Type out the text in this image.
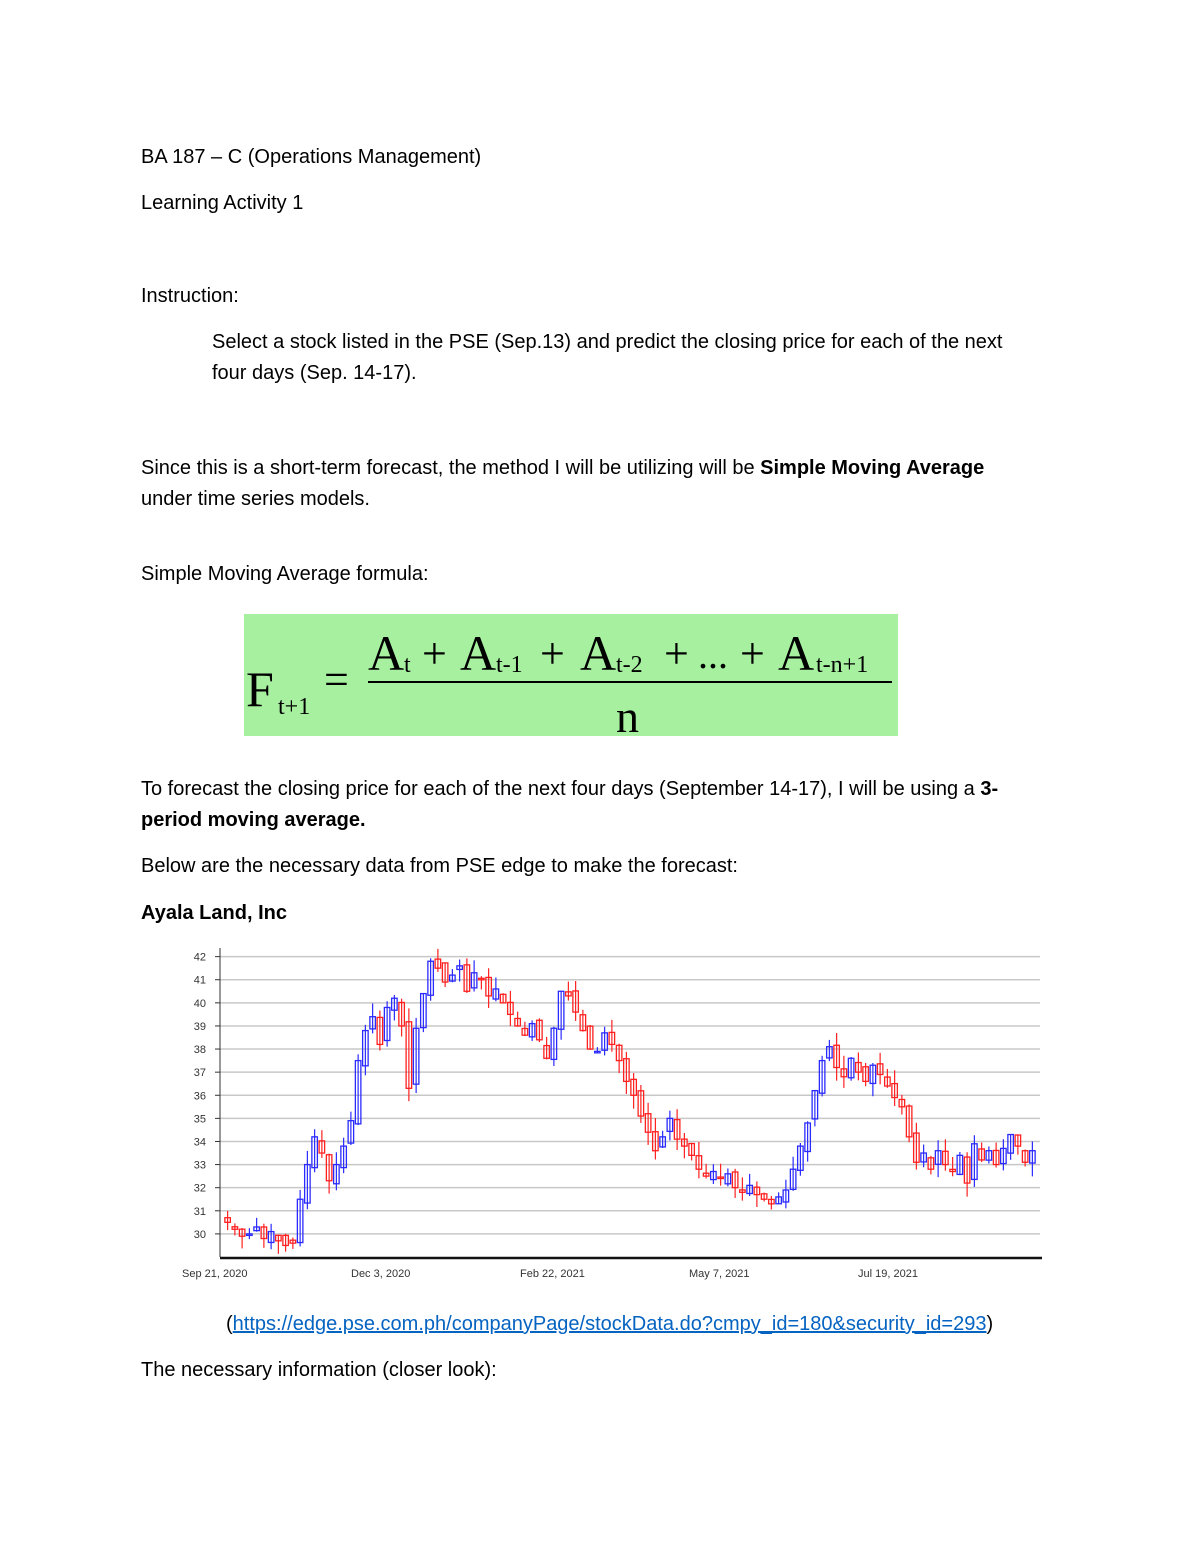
BA 187 – C (Operations Management)

Learning Activity 1

Instruction:

Select a stock listed in the PSE (Sep.13) and predict the closing price for each of the next

four days (Sep. 14-17).

Since this is a short-term forecast, the method I will be utilizing will be Simple Moving Average

under time series models.

Simple Moving Average formula:

F t+1
= A t + A t-1 + A t-2 + ... + A t-n+1
n

To forecast the closing price for each of the next four days (September 14-17), I will be using a 3-

period moving average.

Below are the necessary data from PSE edge to make the forecast:

Ayala Land, Inc

30
31
32
33
34
35
36
37
38
39
40
41
42
Sep 21, 2020	Dec 3, 2020	Feb 22, 2021	May 7, 2021	Jul 19, 2021

(https://edge.pse.com.ph/companyPage/stockData.do?cmpy_id=180&security_id=293)

The necessary information (closer look):
